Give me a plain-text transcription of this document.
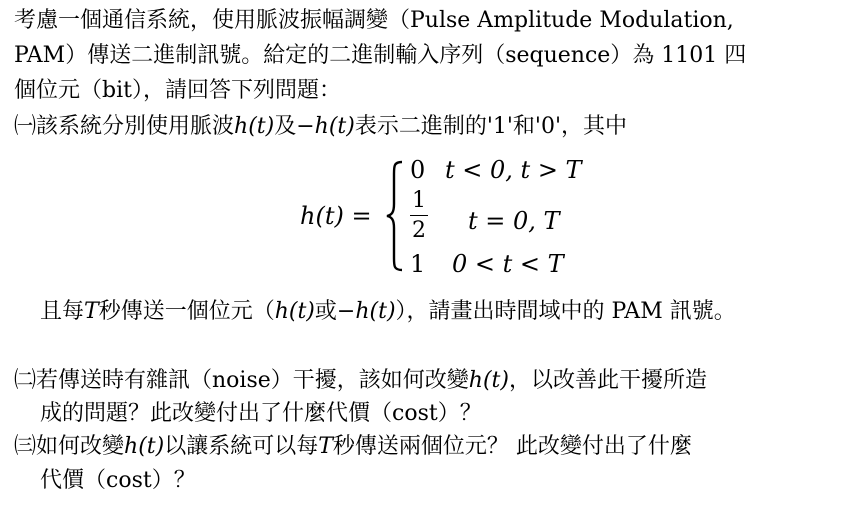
考慮一個通信系統，使用脈波振幅調變（Pulse Amplitude Modulation,
PAM）傳送二進制訊號。給定的二進制輸入序列（sequence）為 1101 四
個位元（bit），請回答下列問題：
㈠該系統分別使用脈波h(t)及−h(t)表示二進制的'1'和'0'，其中
h(t) =
0 t < 0, t > T
1
2 t = 0, T
1 0 < t < T
且每T秒傳送一個位元（h(t)或−h(t)），請畫出時間域中的 PAM 訊號。
㈡若傳送時有雜訊（noise）干擾，該如何改變h(t)，以改善此干擾所造
成的問題？此改變付出了什麼代價（cost）？
㈢如何改變h(t)以讓系統可以每T秒傳送兩個位元？ 此改變付出了什麼
代價（cost）？
